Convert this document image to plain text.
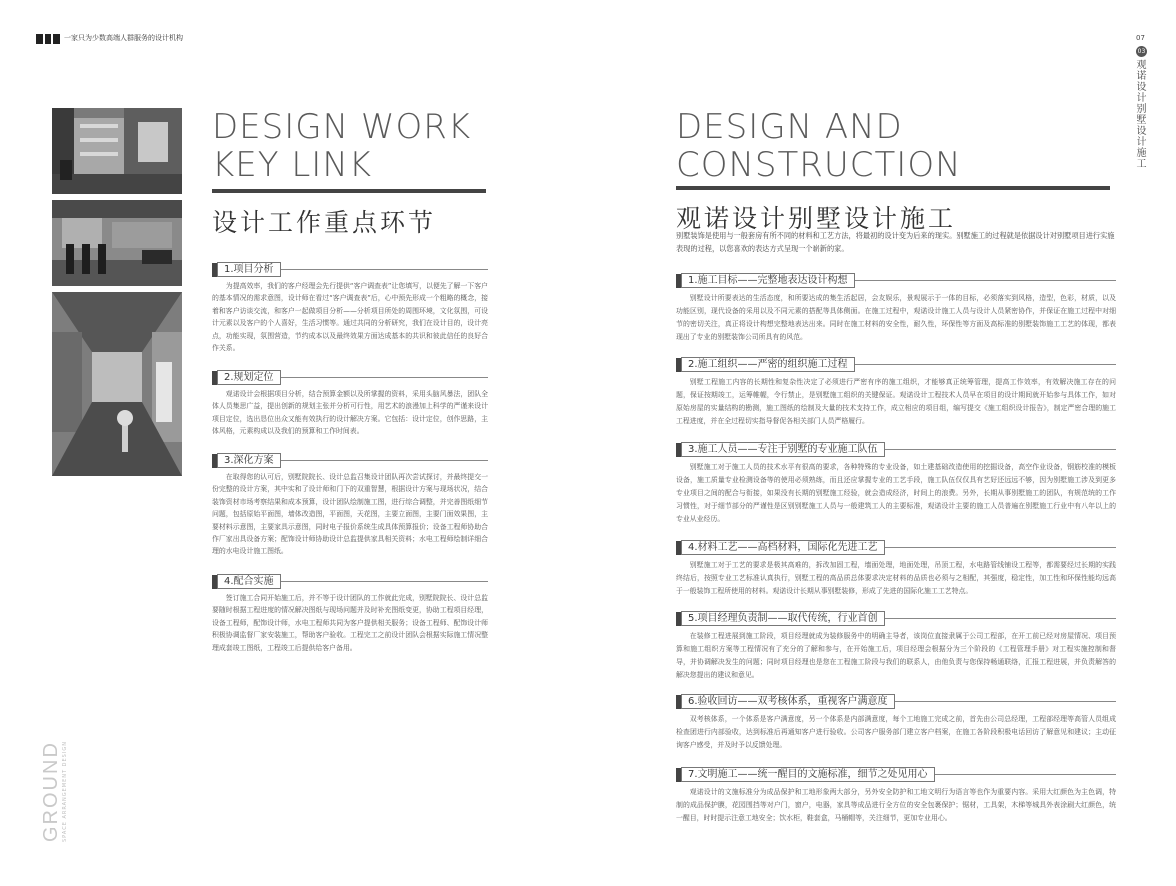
一家只为少数高端人群服务的设计机构	07
03
观诺设计别墅设计施工
GROUND SPACE ARRANGEMENT DESIGN
DESIGN WORK
KEY LINK
设计工作重点环节
1.项目分析
为提高效率，我们的客户经理会先行提供“客户调查表”让您填写，以便先了解一下客户的基本情况的需求意图，设计师在看过“客户调查表”后，心中预先形成一个粗略的概念，接着和客户访谈交流，和客户一起做项目分析——分析项目所处的周围环境，文化氛围，可设计元素以及客户的个人喜好，生活习惯等。通过共同的分析研究，我们在设计目的，设计亮点，功能实现，氛围营造，节约成本以及最终效果方面达成基本的共识和彼此信任的良好合作关系。
2.规划定位
观诺设计会根据项目分析，结合预算金额以及所掌握的资料，采用头脑风暴法，团队全体人员集思广益，提出创新的规划主张并分析可行性，用艺术的浪漫加上科学的严谨来设计项目定位，选出恳位出众又能有效执行的设计解决方案。它包括：设计定位，创作思路，主体风格，元素构成以及我们的预算和工作时间表。
3.深化方案
在取得您的认可后，别墅院院长、设计总监召集设计团队再次尝试探讨，并最终提交一份完整的设计方案，其中实和了设计师和门下的双重智慧，根据设计方案与现场状况，结合装饰资材市场考察结果和成本预算，设计团队绘制施工图，进行综合调整，并完善图纸细节问题，包括原始平面图，墙体改造图，平面图，天花图，主要立面图，主要门面效果图，主要材料示意图，主要家具示意图，同时电子报价系统生成具体预算报价；设备工程师协助合作厂家出具设备方案；配饰设计师协助设计总监提供家具相关资料；水电工程师绘制详细合理的水电设计施工图纸。
4.配合实施
签订施工合同开始施工后，并不等于设计团队的工作就此完成，别墅院院长、设计总监要随时根据工程进度的情况解决图纸与现场问题并及时补充图纸变更，协助工程项目经理，设备工程师，配饰设计师，水电工程师共同为客户提供相关服务；设备工程师、配饰设计师积极协调监督厂家安装施工，帮助客户验收。工程完工之前设计团队会根据实际施工情况整理成套竣工图纸，工程竣工后提供给客户备用。
DESIGN AND
CONSTRUCTION
观诺设计别墅设计施工
别墅装饰是使用与一般套房有所不同的材料和工艺方法，将最初的设计变为后来的现实。别墅施工的过程就是依据设计对别墅项目进行实施表现的过程，以您喜欢的表达方式呈现一个崭新的家。
1.施工目标——完整地表达设计构想
别墅设计所要表达的生活态度，和所要达成的集生活起居，会友娱乐，景观展示于一体的目标，必须落实到风格，造型，色彩，材质，以及功能区别，现代设备的采用以及不同元素的搭配等具体侧面。在施工过程中，观诺设计施工人员与设计人员紧密协作，并保证在施工过程中对细节的密切关注，真正将设计构想完整地表达出来。同时在施工材料的安全性，耐久性，环保性等方面及高标准的别墅装饰施工工艺的体现，都表现出了专业的别墅装饰公司所具有的风范。
2.施工组织——严密的组织施工过程
别墅工程施工内容的长期性和复杂性决定了必须进行严密有序的施工组织，才能够真正统筹管理，提高工作效率，有效解决施工存在的问题，保证按期竣工，运筹帷幄，令行禁止，是别墅施工组织的关键保证。观诺设计工程技术人员早在项目的设计期间就开始参与具体工作，如对原始房屋的实量结构的勘测，施工图纸的绘制及大量的技术支持工作，成立相应的项目组，编写提交《施工组织设计报告》，制定严密合理的施工工程进度，并在全过程切实指导督促各相关部门人员严格履行。
3.施工人员——专注于别墅的专业施工队伍
别墅施工对于施工人员的技术水平有很高的要求，各种特殊的专业设备，如土建基础改造使用的挖掘设备，高空作业设备，钢筋校准的模板设备，施工质量专业检测设备等的使用必须熟练，而且还应掌握专业的工艺手段，施工队伍仅仅具有艺好还远远不够，因为别墅施工涉及到更多专业项目之间的配合与衔接，如果没有长期的别墅施工经验，就会造成经济，时间上的浪费。另外，长期从事别墅施工的团队，有规范统的工作习惯性，对于细节部分的严谨性是区别别墅施工人员与一般建筑工人的主要标准，观诺设计主要的施工人员普遍在别墅施工行业中有八年以上的专业从业经历。
4.材料工艺——高档材料，国际化先进工艺
别墅施工对于工艺的要求是极其高难的，拆改加固工程，墙面处理，地面处理，吊顶工程，水电路管线铺设工程等，都需要经过长期的实践终结后，按照专业工艺标准认真执行，别墅工程的高品质总体要求决定材料的品质也必须与之相配，其强度，稳定性，加工性和环保性能均远高于一般装饰工程所使用的材料。观诺设计长期从事别墅装修，形成了先进的国际化施工工艺特点。
5.项目经理负责制——取代传统，行业首创
在装修工程进展到施工阶段，项目经理就成为装修服务中的明确主导者，该岗位直接隶属于公司工程部，在开工前已经对房屋情况、项目预算和施工组织方案等工程情况有了充分的了解和参与，在开始施工后，项目经理会根据分为三个阶段的《工程管理手册》对工程实施控制和督导，并协调解决发生的问题；同时项目经理也是您在工程施工阶段与我们的联系人，由他负责与您保持畅通联络，汇报工程进展，并负责解答的解决您提出的建议和意见。
6.验收回访——双考核体系，重视客户满意度
双考核体系，一个体系是客户满意度，另一个体系是内部满意度，每个工地施工完成之前，首先由公司总经理，工程部经理等高管人员组成检查团进行内部验收，达到标准后再通知客户进行验收。公司客户服务部门建立客户档案，在施工各阶段积极电话回访了解意见和建议；主动征询客户感受，并及时予以反馈处理。
7.文明施工——统一醒目的文施标准，细节之处见用心
观诺设计的文施标准分为成品保护和工地形象两大部分，另外安全防护和工地文明行为语言等也作为重要内容。采用大红颜色为主色调，特制的成品保护膜，花园围挡等对户门，窗户，电器，家具等成品进行全方位的安全包裹保护；锯材，工具架，木梯等城具外表涂刷大红颜色，统一醒目，时时提示注意工地安全；饮水柜，鞋套盒，马桶帽等，关注细节，更加专业用心。
